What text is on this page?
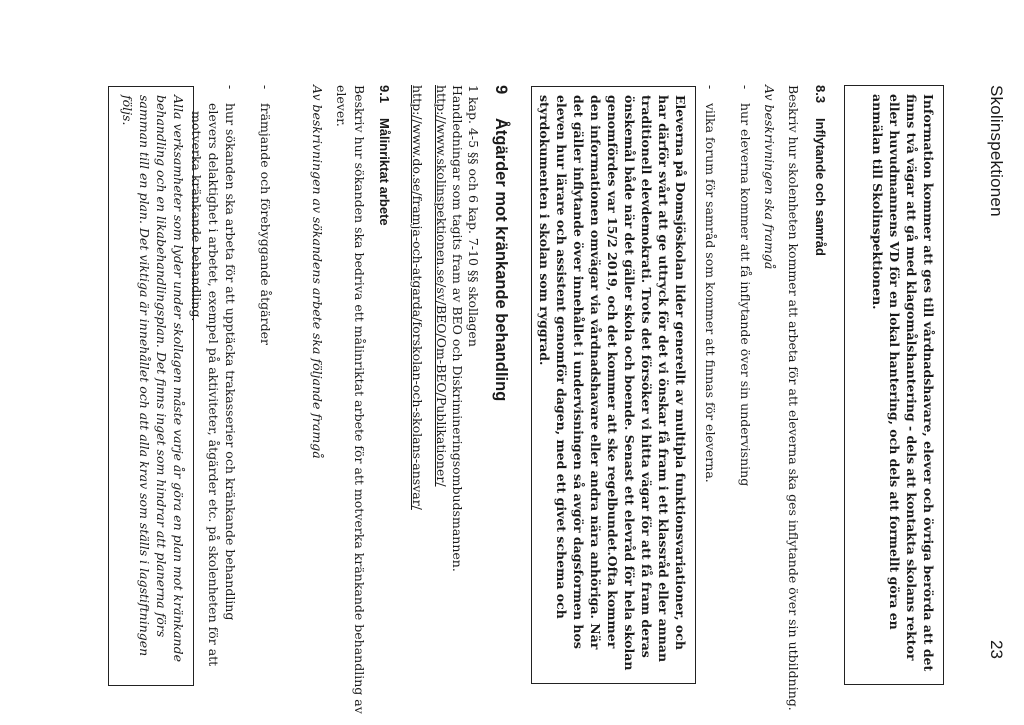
Skolinspektionen
23

Information kommer att ges till vårdnadshavare, elever och övriga berörda att det finns två vägar att gå med klagomålshantering - dels att kontakta skolans rektor eller huvudmannens VD för en lokal hantering, och dels att formellt göra en anmälan till Skolinspektionen.

8.3
Inflytande och samråd
Beskriv hur skolenheten kommer att arbeta för att eleverna ska ges inflytande över sin utbildning.
Av beskrivningen ska framgå
-
hur eleverna kommer att få inflytande över sin undervisning
-
vilka forum för samråd som kommer att finnas för eleverna.

Eleverna på Domsjöskolan lider generellt av multipla funktionsvariationer, och har därför svårt att ge uttryck för det vi önskar få fram i ett klassråd eller annan traditionell elevdemokrati. Trots det försöker vi hitta vägar för att få fram deras önskemål både när det gäller skola och boende. Senast ett elevråd för hela skolan genomfördes var 15/2 2019, och det kommer att ske regelbundet.Ofta kommer den informationen omvägar via vårdnadshavare eller andra nära anhöriga. När det gäller inflytande över innehållet i undervisningen så avgör dagsformen hos eleven hur lärare och assistent genomför dagen, med ett givet schema och styrdokumenten i skolan som ryggrad.

9
Åtgärder mot kränkande behandling
1 kap. 4-5 §§ och 6 kap. 7-10 §§ skollagen
Handledningar som tagits fram av BEO och Diskrimineringsombudsmannen.
http://www.skolinspektionen.se/sv/BEO/Om-BEO/Publikationer/
http://www.do.se/framja-och-atgarda/forskolan-och-skolans-ansvar/
9.1
Målinriktat arbete
Beskriv hur sökanden ska bedriva ett målinriktat arbete för att motverka kränkande behandling av
elever.
Av beskrivningen av sökandens arbete ska följande framgå
-
främjande och förebyggande åtgärder
-
hur sökanden ska arbeta för att upptäcka trakasserier och kränkande behandling
elevers delaktighet i arbetet, exempel på aktiviteter, åtgärder etc. på skolenheten för att
motverka kränkande behandling.

Alla verksamheter som lyder under skollagen måste varje år göra en plan mot kränkande behandling och en likabehandlingsplan. Det finns inget som hindrar att planerna förs samman till en plan. Det viktiga är innehållet och att alla krav som ställs i lagstiftningen följs.
